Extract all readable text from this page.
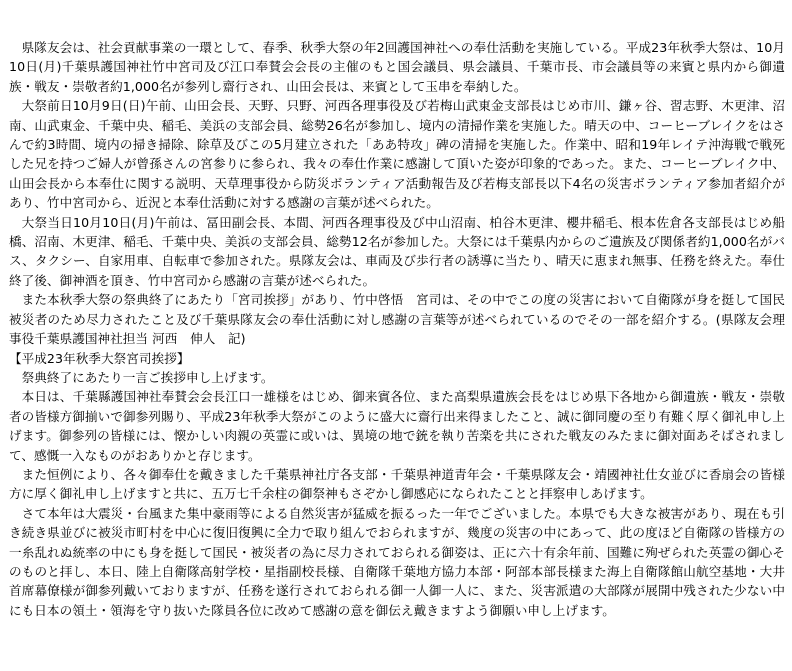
県隊友会は、社会貢献事業の一環として、春季、秋季大祭の年2回護国神社への奉仕活動を実施している。平成23年秋季大祭は、10月10日(月)千葉県護国神社竹中宮司及び江口奉賛会会長の主催のもと国会議員、県会議員、千葉市長、市会議員等の来賓と県内から御遺族・戦友・崇敬者約1,000名が参列し齋行され、山田会長は、来賓として玉串を奉納した。

大祭前日10月9日(日)午前、山田会長、天野、只野、河西各理事役及び若梅山武東金支部長はじめ市川、鎌ヶ谷、習志野、木更津、沼南、山武東金、千葉中央、稲毛、美浜の支部会員、総勢26名が参加し、境内の清掃作業を実施した。晴天の中、コーヒーブレイクをはさんで約3時間、境内の掃き掃除、除草及びこの5月建立された「ああ特攻」碑の清掃を実施した。作業中、昭和19年レイテ沖海戦で戦死した兄を持つご婦人が曾孫さんの宮参りに参られ、我々の奉仕作業に感謝して頂いた姿が印象的であった。また、コーヒーブレイク中、山田会長から本奉仕に関する説明、天草理事役から防災ボランティア活動報告及び若梅支部長以下4名の災害ボランティア参加者紹介があり、竹中宮司から、近況と本奉仕活動に対する感謝の言葉が述べられた。

大祭当日10月10日(月)午前は、冨田副会長、本間、河西各理事役及び中山沼南、柏谷木更津、櫻井稲毛、根本佐倉各支部長はじめ船橋、沼南、木更津、稲毛、千葉中央、美浜の支部会員、総勢12名が参加した。大祭には千葉県内からのご遺族及び関係者約1,000名がバス、タクシー、自家用車、自転車で参加された。県隊友会は、車両及び歩行者の誘導に当たり、晴天に恵まれ無事、任務を終えた。奉仕終了後、御神酒を頂き、竹中宮司から感謝の言葉が述べられた。

また本秋季大祭の祭典終了にあたり「宮司挨拶」があり、竹中啓悟　宮司は、その中でこの度の災害において自衛隊が身を挺して国民被災者のため尽力されたこと及び千葉県隊友会の奉仕活動に対し感謝の言葉等が述べられているのでその一部を紹介する。(県隊友会理事役千葉県護国神社担当 河西　伸人　記)

【平成23年秋季大祭宮司挨拶】

祭典終了にあたり一言ご挨拶申し上げます。

本日は、千葉縣護国神社奉賛会会長江口一雄様をはじめ、御来賓各位、また高梨県遺族会長をはじめ県下各地から御遺族・戦友・崇敬者の皆様方御揃いで御参列賜り、平成23年秋季大祭がこのように盛大に齋行出来得ましたこと、誠に御同慶の至り有難く厚く御礼申し上げます。御参列の皆様には、懐かしい肉親の英霊に或いは、異境の地で銃を執り苦楽を共にされた戦友のみたまに御対面あそばされまして、感慨一入なものがおありかと存じます。

また恒例により、各々御奉仕を戴きました千葉県神社庁各支部・千葉県神道青年会・千葉県隊友会・靖國神社仕女並びに香扇会の皆様方に厚く御礼申し上げますと共に、五万七千余柱の御祭神もさぞかし御感応になられたことと拝察申しあげます。

さて本年は大震災・台風また集中豪雨等による自然災害が猛威を振るった一年でございました。本県でも大きな被害があり、現在も引き続き県並びに被災市町村を中心に復旧復興に全力で取り組んでおられますが、幾度の災害の中にあって、此の度ほど自衛隊の皆様方の一糸乱れぬ統率の中にも身を挺して国民・被災者の為に尽力されておられる御姿は、正に六十有余年前、国難に殉ぜられた英霊の御心そのものと拝し、本日、陸上自衛隊高射学校・星指副校長様、自衛隊千葉地方協力本部・阿部本部長様また海上自衛隊館山航空基地・大井首席幕僚様が御参列戴いておりますが、任務を遂行されておられる御一人御一人に、また、災害派遣の大部隊が展開中残された少ない中にも日本の領土・領海を守り抜いた隊員各位に改めて感謝の意を御伝え戴きますよう御願い申し上げます。
